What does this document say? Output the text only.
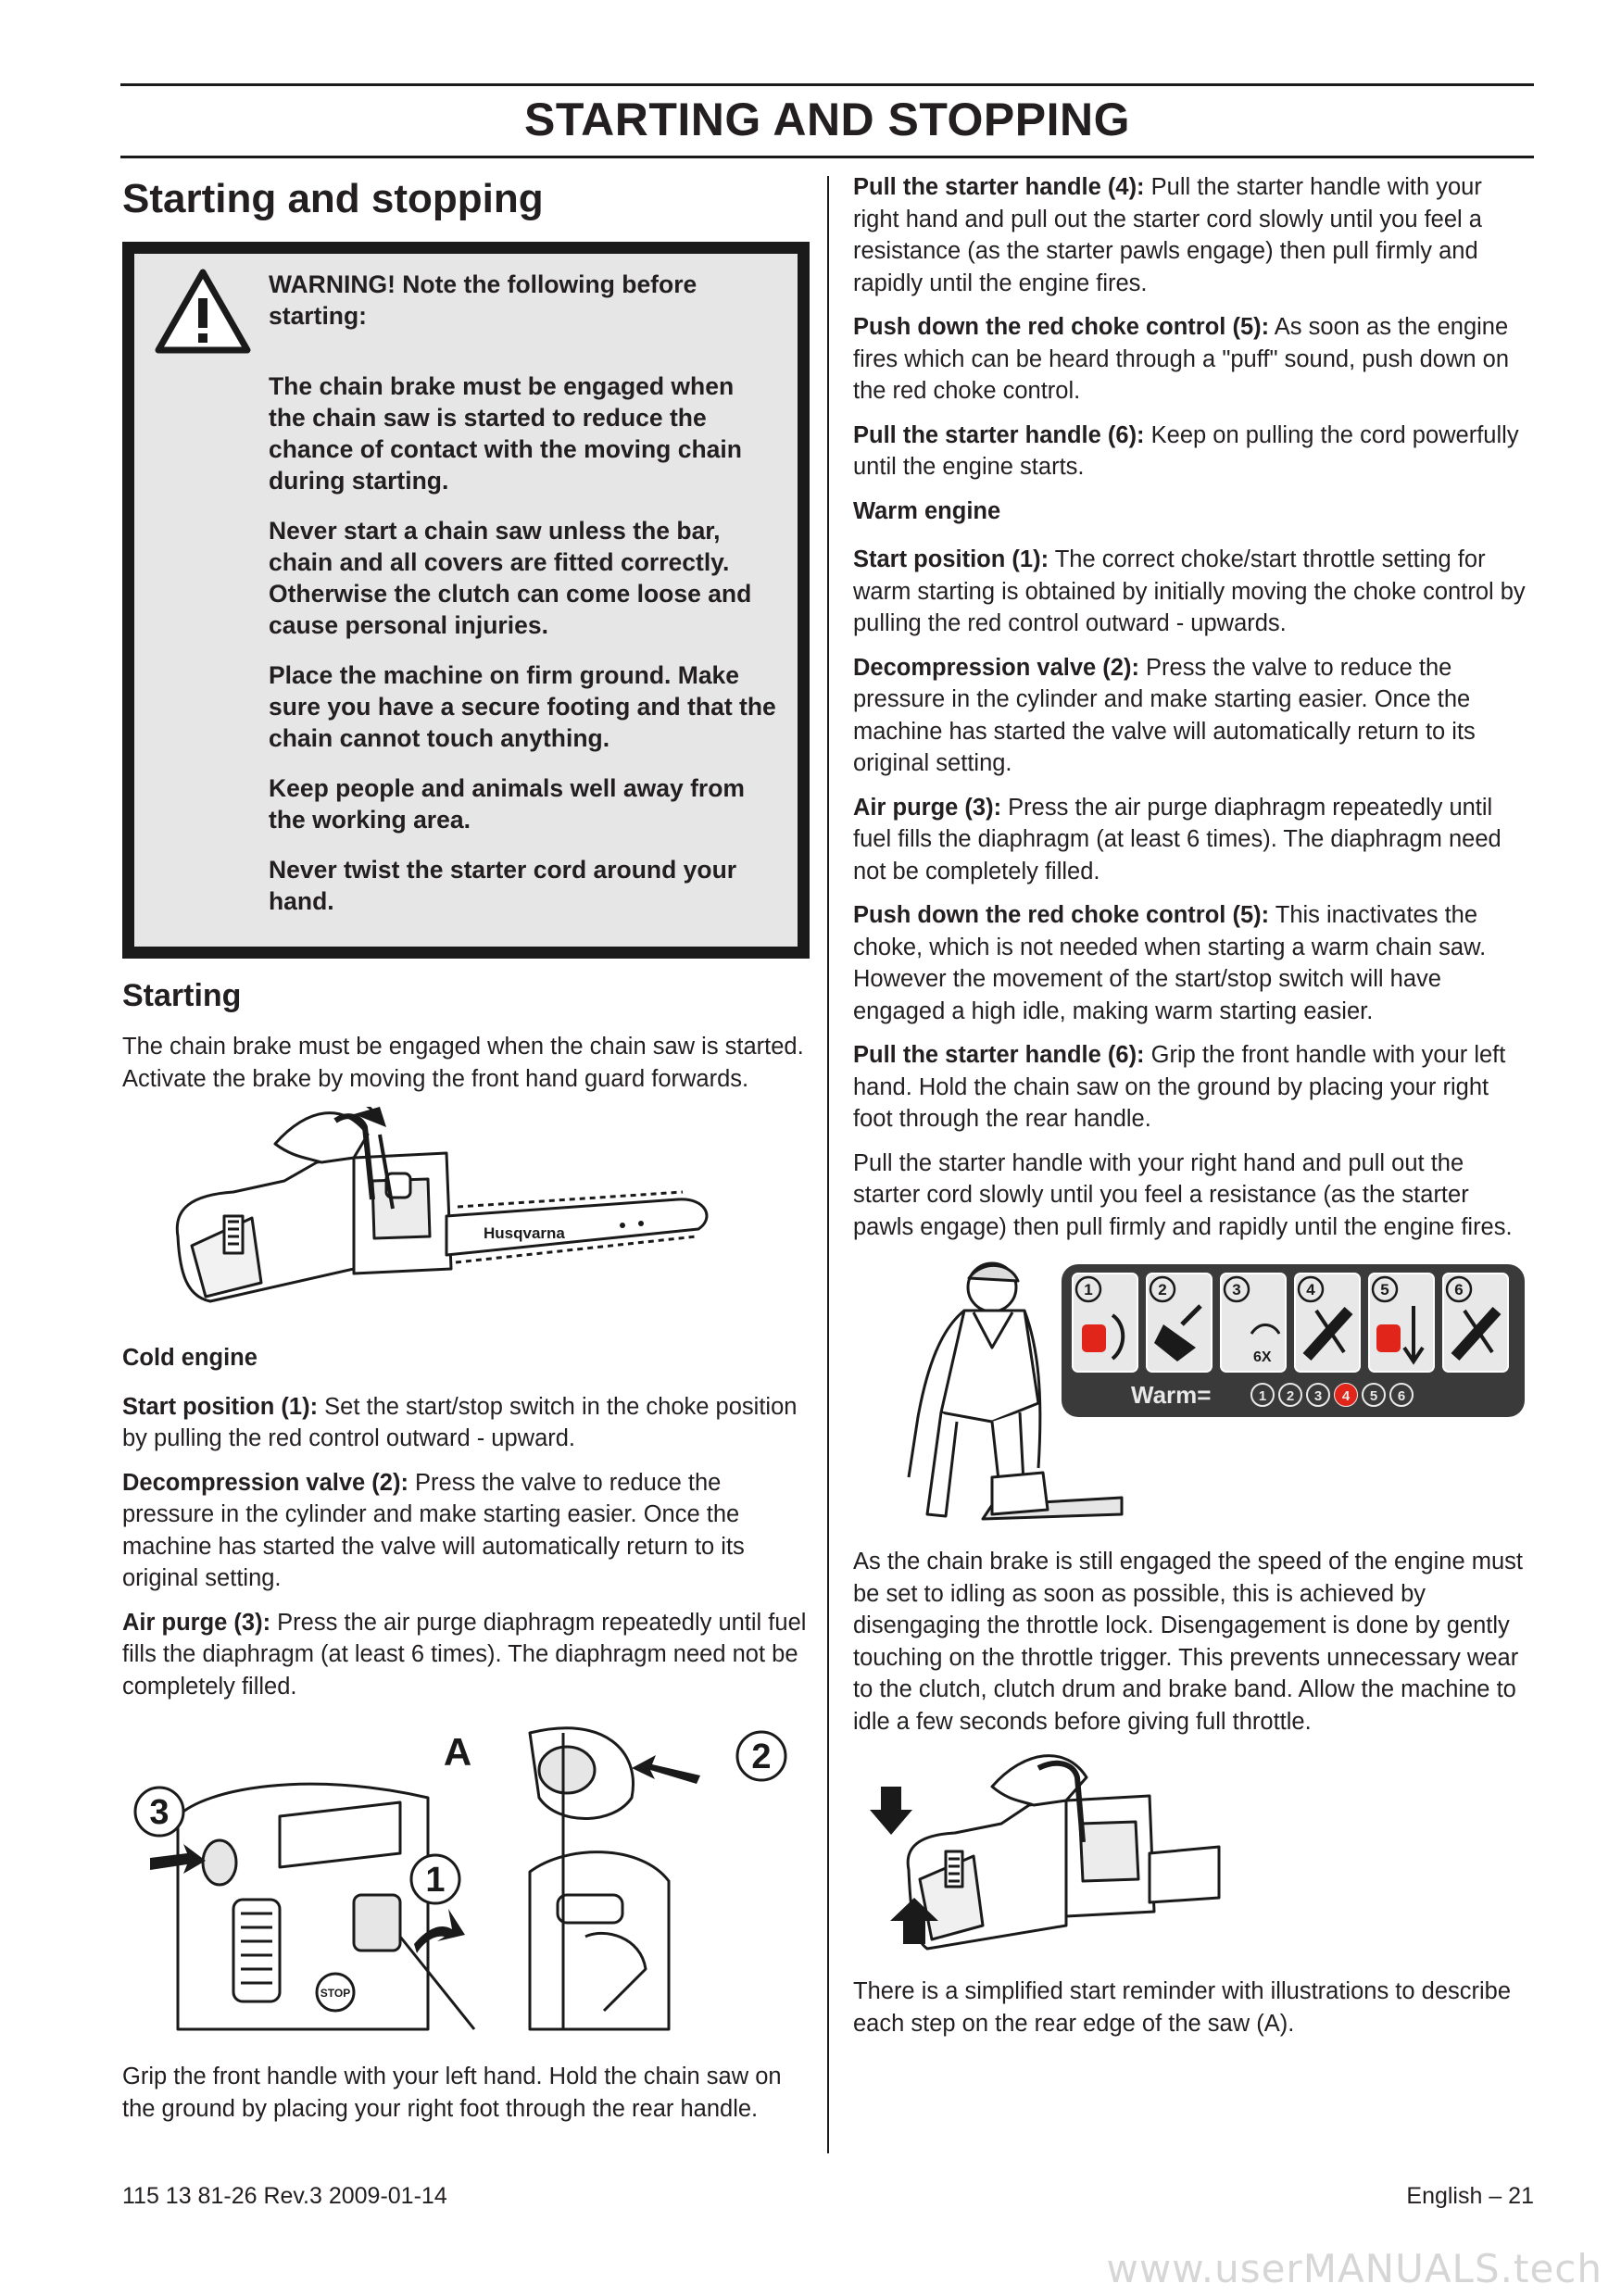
STARTING AND STOPPING
Starting and stopping

WARNING! Note the following before starting:

The chain brake must be engaged when the chain saw is started to reduce the chance of contact with the moving chain during starting.

Never start a chain saw unless the bar, chain and all covers are fitted correctly. Otherwise the clutch can come loose and cause personal injuries.

Place the machine on firm ground. Make sure you have a secure footing and that the chain cannot touch anything.

Keep people and animals well away from the working area.

Never twist the starter cord around your hand.

Starting

The chain brake must be engaged when the chain saw is started. Activate the brake by moving the front hand guard forwards.

Husqvarna

Cold engine

Start position (1): Set the start/stop switch in the choke position by pulling the red control outward - upward.

Decompression valve (2): Press the valve to reduce the pressure in the cylinder and make starting easier. Once the machine has started the valve will automatically return to its original setting.

Air purge (3): Press the air purge diaphragm repeatedly until fuel fills the diaphragm (at least 6 times). The diaphragm need not be completely filled.

3
A
1
2
STOP

Grip the front handle with your left hand. Hold the chain saw on the ground by placing your right foot through the rear handle.

Pull the starter handle (4): Pull the starter handle with your right hand and pull out the starter cord slowly until you feel a resistance (as the starter pawls engage) then pull firmly and rapidly until the engine fires.

Push down the red choke control (5): As soon as the engine fires which can be heard through a "puff" sound, push down on the red choke control.

Pull the starter handle (6): Keep on pulling the cord powerfully until the engine starts.

Warm engine

Start position (1): The correct choke/start throttle setting for warm starting is obtained by initially moving the choke control by pulling the red control outward - upwards.

Decompression valve (2): Press the valve to reduce the pressure in the cylinder and make starting easier. Once the machine has started the valve will automatically return to its original setting.

Air purge (3): Press the air purge diaphragm repeatedly until fuel fills the diaphragm (at least 6 times). The diaphragm need not be completely filled.

Push down the red choke control (5): This inactivates the choke, which is not needed when starting a warm chain saw. However the movement of the start/stop switch will have engaged a high idle, making warm starting easier.

Pull the starter handle (6): Grip the front handle with your left hand. Hold the chain saw on the ground by placing your right foot through the rear handle.

Pull the starter handle with your right hand and pull out the starter cord slowly until you feel a resistance (as the starter pawls engage) then pull firmly and rapidly until the engine fires.

6X
1	2	3	4	5	6
Warm=	1 2 3 4 5 6

As the chain brake is still engaged the speed of the engine must be set to idling as soon as possible, this is achieved by disengaging the throttle lock. Disengagement is done by gently touching on the throttle trigger. This prevents unnecessary wear to the clutch, clutch drum and brake band. Allow the machine to idle a few seconds before giving full throttle.

There is a simplified start reminder with illustrations to describe each step on the rear edge of the saw (A).

115 13 81-26 Rev.3 2009-01-14	English – 21
www.userMANUALS.tech
